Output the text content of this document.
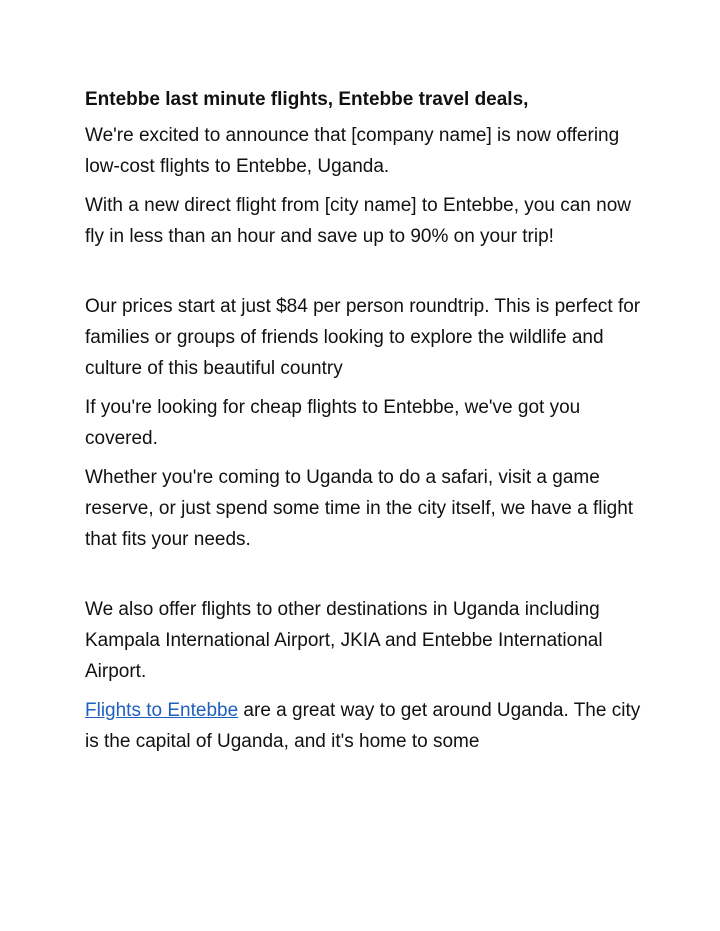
Entebbe last minute flights, Entebbe travel deals,

We're excited to announce that [company name] is now offering low-cost flights to Entebbe, Uganda.

With a new direct flight from [city name] to Entebbe, you can now fly in less than an hour and save up to 90% on your trip!

Our prices start at just $84 per person roundtrip. This is perfect for families or groups of friends looking to explore the wildlife and culture of this beautiful country

If you're looking for cheap flights to Entebbe, we've got you covered.

Whether you're coming to Uganda to do a safari, visit a game reserve, or just spend some time in the city itself, we have a flight that fits your needs.

We also offer flights to other destinations in Uganda including Kampala International Airport, JKIA and Entebbe International Airport.

Flights to Entebbe are a great way to get around Uganda. The city is the capital of Uganda, and it's home to some
